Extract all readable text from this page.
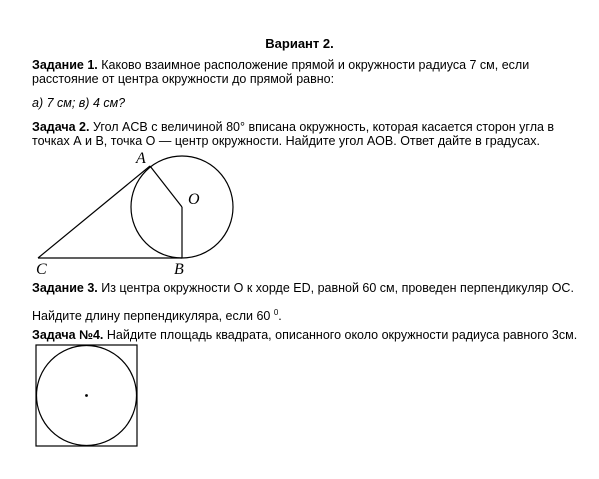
Вариант 2.
Задание 1. Каково взаимное расположение прямой и окружности радиуса 7 см, если
расстояние от центра окружности до прямой равно:
а) 7 см; в) 4 см?
Задача 2. Угол ACB с величиной 80° вписана окружность, которая касается сторон угла в
точках А и В, точка О — центр окружности. Найдите угол AOB. Ответ дайте в градусах.
Задание 3. Из центра окружности O к хорде ED, равной 60 см, проведен перпендикуляр OC.
Найдите длину перпендикуляра, если 60 $^0$.
Задача №4. Найдите площадь квадрата, описанного около окружности радиуса равного 3см.
A
O
C	B
